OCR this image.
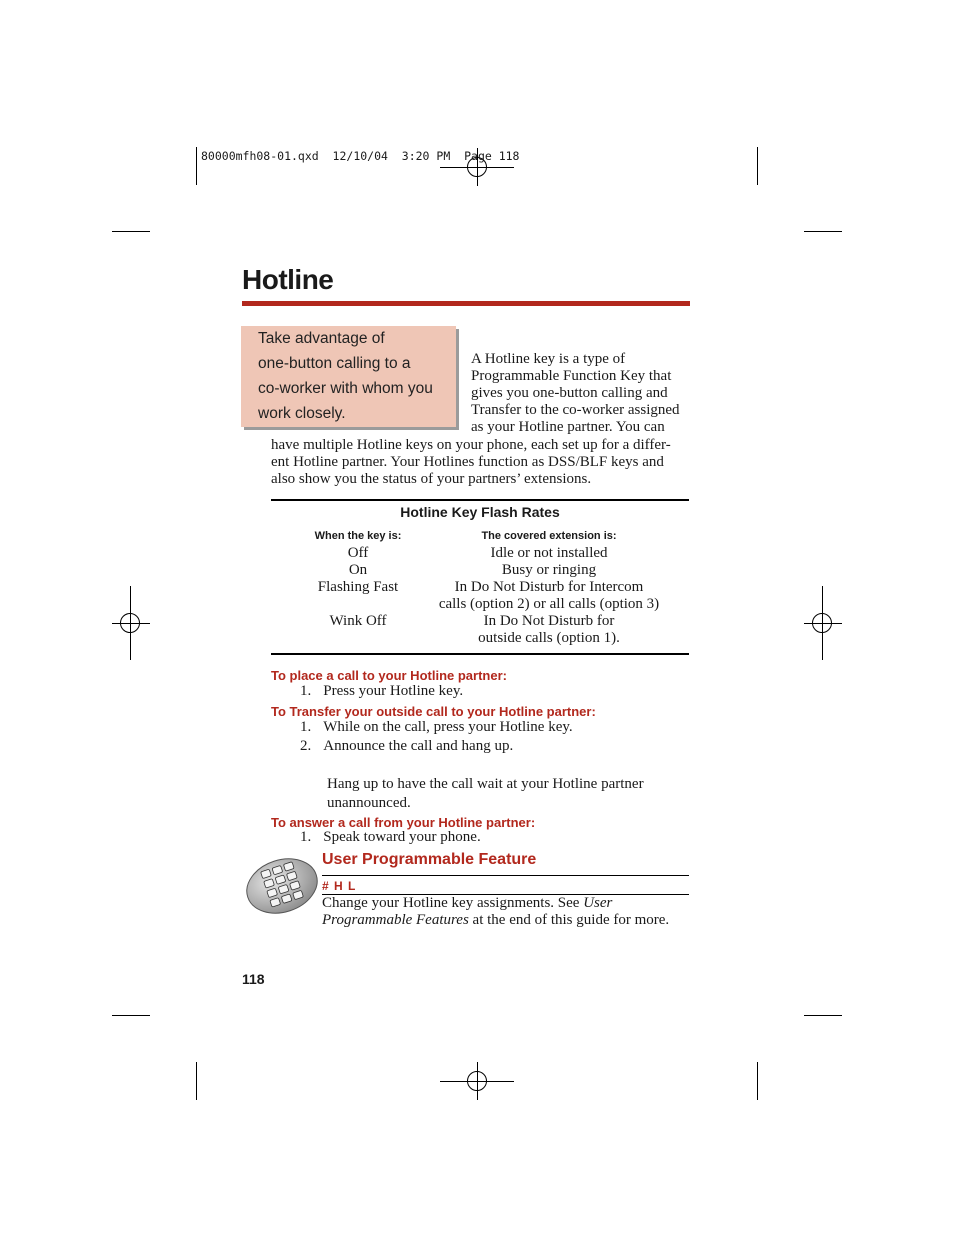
80000mfh08-01.qxd  12/10/04  3:20 PM  Page 118
Hotline
Take advantage of
one-button calling to a
co-worker with whom you
work closely.
A Hotline key is a type of
Programmable Function Key that
gives you one-button calling and
Transfer to the co-worker assigned
as your Hotline partner. You can
have multiple Hotline keys on your phone, each set up for a differ-
ent Hotline partner. Your Hotlines function as DSS/BLF keys and
also show you the status of your partners’ extensions.
Hotline Key Flash Rates
When the key is:	The covered extension is:
Off
On
Flashing Fast
Wink Off
Idle or not installed
Busy or ringing
In Do Not Disturb for Intercom
calls (option 2) or all calls (option 3)
In Do Not Disturb for
outside calls (option 1).
To place a call to your Hotline partner:
1. Press your Hotline key.
To Transfer your outside call to your Hotline partner:
1. While on the call, press your Hotline key.
2. Announce the call and hang up.
Hang up to have the call wait at your Hotline partner
unannounced.
To answer a call from your Hotline partner:
1. Speak toward your phone.
User Programmable Feature
# H L
Change your Hotline key assignments. See User
Programmable Features at the end of this guide for more.
118
